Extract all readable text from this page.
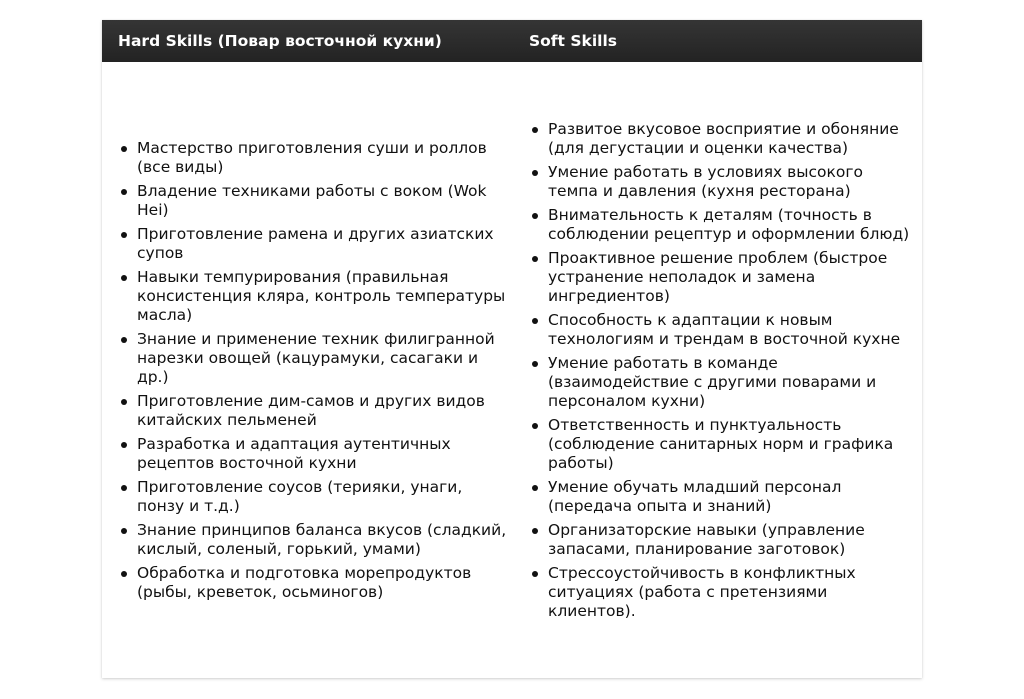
Hard Skills (Повар восточной кухни)	Soft Skills
Мастерство приготовления суши и роллов (все виды)
Владение техниками работы с воком (Wok Hei)
Приготовление рамена и других азиатских супов
Навыки темпурирования (правильная консистенция кляра, контроль температуры масла)
Знание и применение техник филигранной нарезки овощей (кацурамуки, сасагаки и др.)
Приготовление дим-самов и других видов китайских пельменей
Разработка и адаптация аутентичных рецептов восточной кухни
Приготовление соусов (терияки, унаги, понзу и т.д.)
Знание принципов баланса вкусов (сладкий, кислый, соленый, горький, умами)
Обработка и подготовка морепродуктов (рыбы, креветок, осьминогов)
Развитое вкусовое восприятие и обоняние (для дегустации и оценки качества)
Умение работать в условиях высокого темпа и давления (кухня ресторана)
Внимательность к деталям (точность в соблюдении рецептур и оформлении блюд)
Проактивное решение проблем (быстрое устранение неполадок и замена ингредиентов)
Способность к адаптации к новым технологиям и трендам в восточной кухне
Умение работать в команде (взаимодействие с другими поварами и персоналом кухни)
Ответственность и пунктуальность (соблюдение санитарных норм и графика работы)
Умение обучать младший персонал (передача опыта и знаний)
Организаторские навыки (управление запасами, планирование заготовок)
Стрессоустойчивость в конфликтных ситуациях (работа с претензиями клиентов).
